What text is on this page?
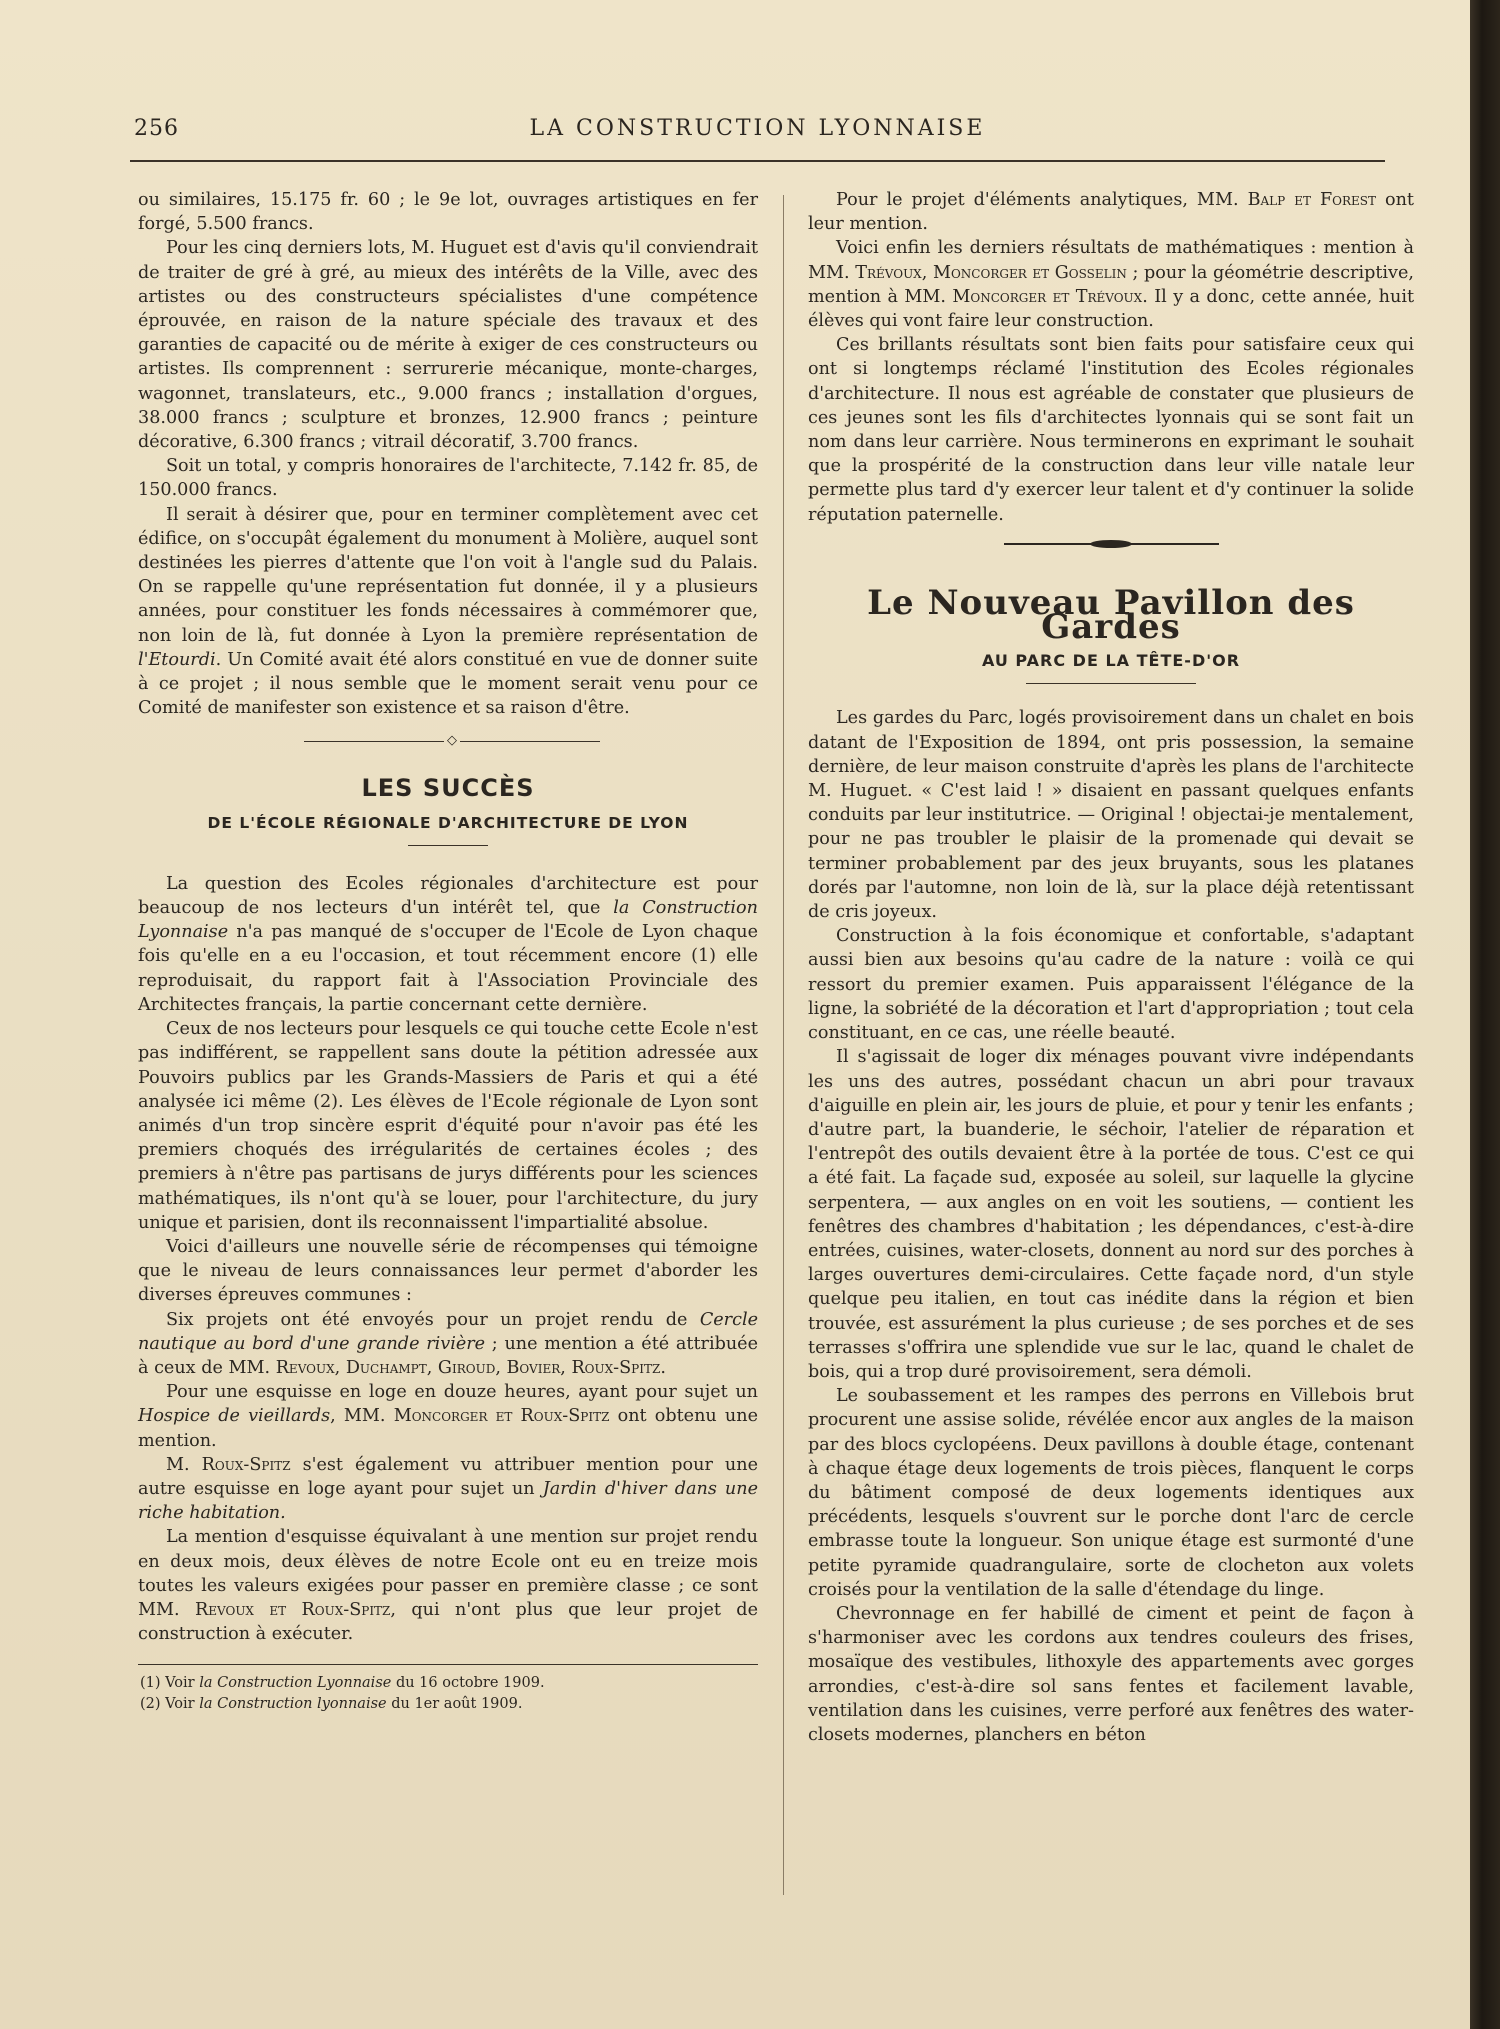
256	LA CONSTRUCTION LYONNAISE

ou similaires, 15.175 fr. 60 ; le 9e lot, ouvrages artistiques en fer forgé, 5.500 francs.

Pour les cinq derniers lots, M. Huguet est d'avis qu'il conviendrait de traiter de gré à gré, au mieux des intérêts de la Ville, avec des artistes ou des constructeurs spécialistes d'une compétence éprouvée, en raison de la nature spéciale des travaux et des garanties de capacité ou de mérite à exiger de ces constructeurs ou artistes. Ils comprennent : serrurerie mécanique, monte-charges, wagonnet, translateurs, etc., 9.000 francs ; installation d'orgues, 38.000 francs ; sculpture et bronzes, 12.900 francs ; peinture décorative, 6.300 francs ; vitrail décoratif, 3.700 francs.

Soit un total, y compris honoraires de l'architecte, 7.142 fr. 85, de 150.000 francs.

Il serait à désirer que, pour en terminer complètement avec cet édifice, on s'occupât également du monument à Molière, auquel sont destinées les pierres d'attente que l'on voit à l'angle sud du Palais. On se rappelle qu'une représentation fut donnée, il y a plusieurs années, pour constituer les fonds nécessaires à commémorer que, non loin de là, fut donnée à Lyon la première représentation de l'Etourdi. Un Comité avait été alors constitué en vue de donner suite à ce projet ; il nous semble que le moment serait venu pour ce Comité de manifester son existence et sa raison d'être.

◇
LES SUCCÈS
DE L'ÉCOLE RÉGIONALE D'ARCHITECTURE DE LYON

La question des Ecoles régionales d'architecture est pour beaucoup de nos lecteurs d'un intérêt tel, que la Construction Lyonnaise n'a pas manqué de s'occuper de l'Ecole de Lyon chaque fois qu'elle en a eu l'occasion, et tout récemment encore (1) elle reproduisait, du rapport fait à l'Association Provinciale des Architectes français, la partie concernant cette dernière.

Ceux de nos lecteurs pour lesquels ce qui touche cette Ecole n'est pas indifférent, se rappellent sans doute la pétition adressée aux Pouvoirs publics par les Grands-Massiers de Paris et qui a été analysée ici même (2). Les élèves de l'Ecole régionale de Lyon sont animés d'un trop sincère esprit d'équité pour n'avoir pas été les premiers choqués des irrégularités de certaines écoles ; des premiers à n'être pas partisans de jurys différents pour les sciences mathématiques, ils n'ont qu'à se louer, pour l'architecture, du jury unique et parisien, dont ils reconnaissent l'impartialité absolue.

Voici d'ailleurs une nouvelle série de récompenses qui témoigne que le niveau de leurs connaissances leur permet d'aborder les diverses épreuves communes :

Six projets ont été envoyés pour un projet rendu de Cercle nautique au bord d'une grande rivière ; une mention a été attribuée à ceux de MM. Revoux, Duchampt, Giroud, Bovier, Roux-Spitz.

Pour une esquisse en loge en douze heures, ayant pour sujet un Hospice de vieillards, MM. Moncorger et Roux-Spitz ont obtenu une mention.

M. Roux-Spitz s'est également vu attribuer mention pour une autre esquisse en loge ayant pour sujet un Jardin d'hiver dans une riche habitation.

La mention d'esquisse équivalant à une mention sur projet rendu en deux mois, deux élèves de notre Ecole ont eu en treize mois toutes les valeurs exigées pour passer en première classe ; ce sont MM. Revoux et Roux-Spitz, qui n'ont plus que leur projet de construction à exécuter.

(1) Voir la Construction Lyonnaise du 16 octobre 1909.

(2) Voir la Construction lyonnaise du 1er août 1909.

Pour le projet d'éléments analytiques, MM. Balp et Forest ont leur mention.

Voici enfin les derniers résultats de mathématiques : mention à MM. Trévoux, Moncorger et Gosselin ; pour la géométrie descriptive, mention à MM. Moncorger et Trévoux. Il y a donc, cette année, huit élèves qui vont faire leur construction.

Ces brillants résultats sont bien faits pour satisfaire ceux qui ont si longtemps réclamé l'institution des Ecoles régionales d'architecture. Il nous est agréable de constater que plusieurs de ces jeunes sont les fils d'architectes lyonnais qui se sont fait un nom dans leur carrière. Nous terminerons en exprimant le souhait que la prospérité de la construction dans leur ville natale leur permette plus tard d'y exercer leur talent et d'y continuer la solide réputation paternelle.

Le Nouveau Pavillon des Gardes
AU PARC DE LA TÊTE-D'OR

Les gardes du Parc, logés provisoirement dans un chalet en bois datant de l'Exposition de 1894, ont pris possession, la semaine dernière, de leur maison construite d'après les plans de l'architecte M. Huguet. « C'est laid ! » disaient en passant quelques enfants conduits par leur institutrice. — Original ! objectai-je mentalement, pour ne pas troubler le plaisir de la promenade qui devait se terminer probablement par des jeux bruyants, sous les platanes dorés par l'automne, non loin de là, sur la place déjà retentissant de cris joyeux.

Construction à la fois économique et confortable, s'adaptant aussi bien aux besoins qu'au cadre de la nature : voilà ce qui ressort du premier examen. Puis apparaissent l'élégance de la ligne, la sobriété de la décoration et l'art d'appropriation ; tout cela constituant, en ce cas, une réelle beauté.

Il s'agissait de loger dix ménages pouvant vivre indépendants les uns des autres, possédant chacun un abri pour travaux d'aiguille en plein air, les jours de pluie, et pour y tenir les enfants ; d'autre part, la buanderie, le séchoir, l'atelier de réparation et l'entrepôt des outils devaient être à la portée de tous. C'est ce qui a été fait. La façade sud, exposée au soleil, sur laquelle la glycine serpentera, — aux angles on en voit les soutiens, — contient les fenêtres des chambres d'habitation ; les dépendances, c'est-à-dire entrées, cuisines, water-closets, donnent au nord sur des porches à larges ouvertures demi-circulaires. Cette façade nord, d'un style quelque peu italien, en tout cas inédite dans la région et bien trouvée, est assurément la plus curieuse ; de ses porches et de ses terrasses s'offrira une splendide vue sur le lac, quand le chalet de bois, qui a trop duré provisoirement, sera démoli.

Le soubassement et les rampes des perrons en Villebois brut procurent une assise solide, révélée encor aux angles de la maison par des blocs cyclopéens. Deux pavillons à double étage, contenant à chaque étage deux logements de trois pièces, flanquent le corps du bâtiment composé de deux logements identiques aux précédents, lesquels s'ouvrent sur le porche dont l'arc de cercle embrasse toute la longueur. Son unique étage est surmonté d'une petite pyramide quadrangulaire, sorte de clocheton aux volets croisés pour la ventilation de la salle d'étendage du linge.

Chevronnage en fer habillé de ciment et peint de façon à s'harmoniser avec les cordons aux tendres couleurs des frises, mosaïque des vestibules, lithoxyle des appartements avec gorges arrondies, c'est-à-dire sol sans fentes et facilement lavable, ventilation dans les cuisines, verre perforé aux fenêtres des water-closets modernes, planchers en béton
